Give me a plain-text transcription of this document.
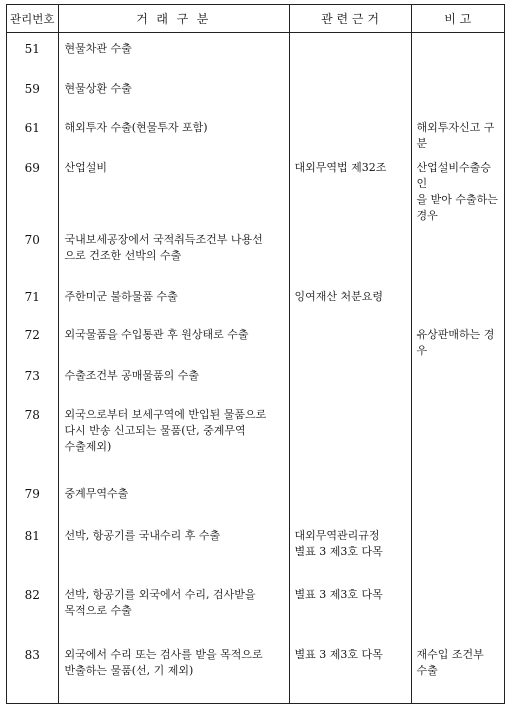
관리번호	거 래 구 분	관 련 근 거	비 고
51	현물차관 수출		

59	현물상환 수출		

61	해외투자 수출(현물투자 포함)		해외투자신고 구분

69	산업설비	대외무역법 제32조	산업설비수출승인
을 받아 수출하는
경우

70	국내보세공장에서 국적취득조건부 나용선
으로 건조한 선박의 수출		

71	주한미군 불하물품 수출	잉여재산 처분요령	

72	외국물품을 수입통관 후 원상태로 수출		유상판매하는 경우

73	수출조건부 공매물품의 수출		

78	외국으로부터 보세구역에 반입된 물품으로
다시 반송 신고되는 물품(단, 중계무역
수출제외)		

79	중계무역수출		

81	선박, 항공기를 국내수리 후 수출	대외무역관리규정
별표 3 제3호 다목	

82	선박, 항공기를 외국에서 수리, 검사받을
목적으로 수출	별표 3 제3호 다목	

83	외국에서 수리 또는 검사를 받을 목적으로
반출하는 물품(선, 기 제외)	별표 3 제3호 다목	재수입 조건부
수출
